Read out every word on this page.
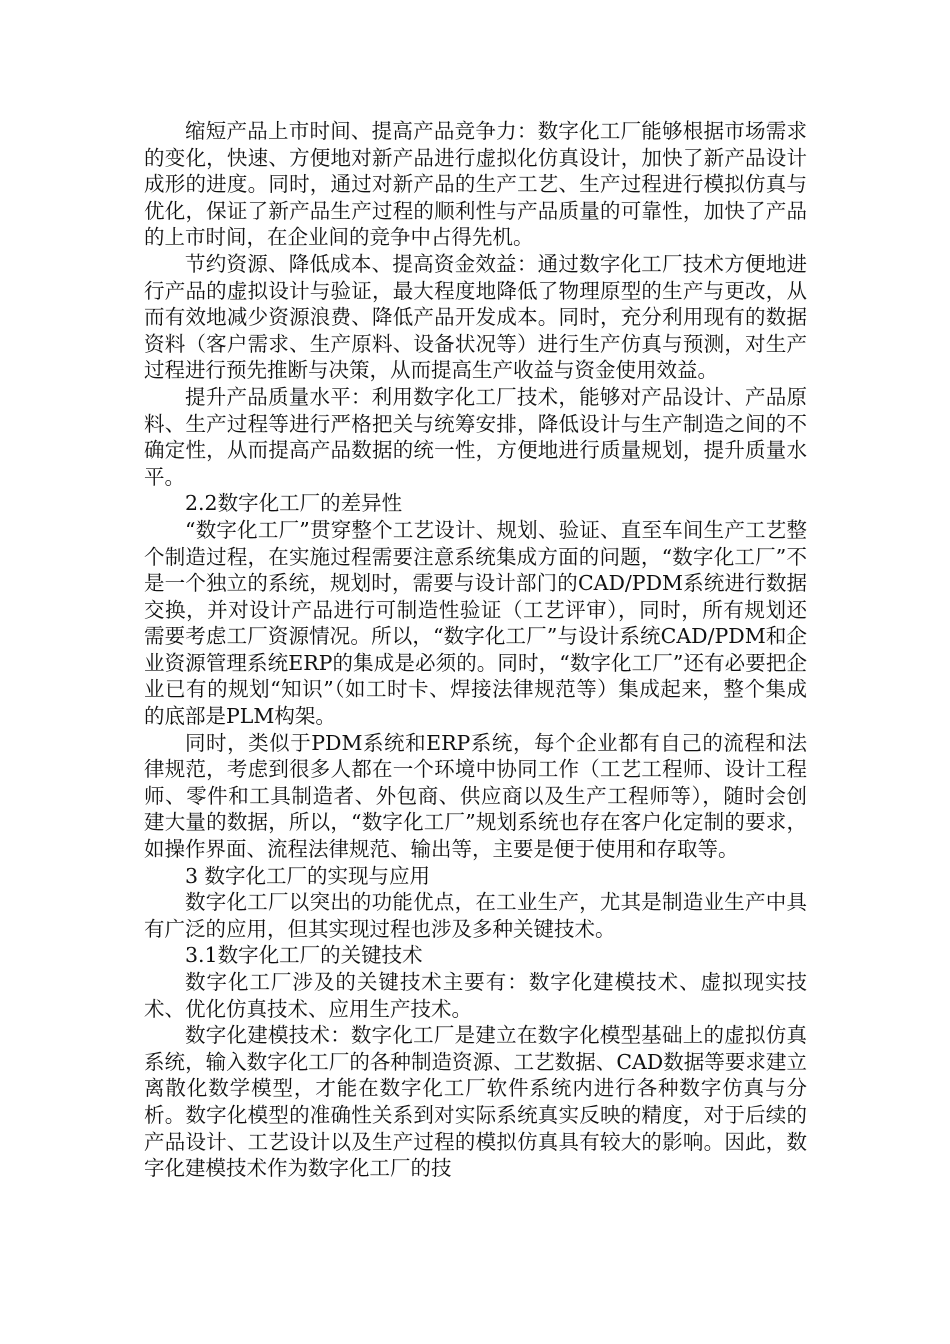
缩短产品上市时间、提高产品竞争力：数字化工厂能够根据市场需求的变化，快速、方便地对新产品进行虚拟化仿真设计，加快了新产品设计成形的进度。同时，通过对新产品的生产工艺、生产过程进行模拟仿真与优化，保证了新产品生产过程的顺利性与产品质量的可靠性，加快了产品的上市时间，在企业间的竞争中占得先机。

节约资源、降低成本、提高资金效益：通过数字化工厂技术方便地进行产品的虚拟设计与验证，最大程度地降低了物理原型的生产与更改，从而有效地减少资源浪费、降低产品开发成本。同时，充分利用现有的数据资料（客户需求、生产原料、设备状况等）进行生产仿真与预测，对生产过程进行预先推断与决策，从而提高生产收益与资金使用效益。

提升产品质量水平：利用数字化工厂技术，能够对产品设计、产品原料、生产过程等进行严格把关与统筹安排，降低设计与生产制造之间的不确定性，从而提高产品数据的统一性，方便地进行质量规划，提升质量水平。

2.2数字化工厂的差异性

“数字化工厂”贯穿整个工艺设计、规划、验证、直至车间生产工艺整个制造过程，在实施过程需要注意系统集成方面的问题，“数字化工厂”不是一个独立的系统，规划时，需要与设计部门的CAD/PDM系统进行数据交换，并对设计产品进行可制造性验证（工艺评审），同时，所有规划还需要考虑工厂资源情况。所以，“数字化工厂”与设计系统CAD/PDM和企业资源管理系统ERP的集成是必须的。同时，“数字化工厂”还有必要把企业已有的规划“知识”（如工时卡、焊接法律规范等）集成起来，整个集成的底部是PLM构架。

同时，类似于PDM系统和ERP系统，每个企业都有自己的流程和法律规范，考虑到很多人都在一个环境中协同工作（工艺工程师、设计工程师、零件和工具制造者、外包商、供应商以及生产工程师等），随时会创建大量的数据，所以，“数字化工厂”规划系统也存在客户化定制的要求，如操作界面、流程法律规范、输出等，主要是便于使用和存取等。

3 数字化工厂的实现与应用

数字化工厂以突出的功能优点，在工业生产，尤其是制造业生产中具有广泛的应用，但其实现过程也涉及多种关键技术。

3.1数字化工厂的关键技术

数字化工厂涉及的关键技术主要有：数字化建模技术、虚拟现实技术、优化仿真技术、应用生产技术。

数字化建模技术：数字化工厂是建立在数字化模型基础上的虚拟仿真系统，输入数字化工厂的各种制造资源、工艺数据、CAD数据等要求建立离散化数学模型，才能在数字化工厂软件系统内进行各种数字仿真与分析。数字化模型的准确性关系到对实际系统真实反映的精度，对于后续的产品设计、工艺设计以及生产过程的模拟仿真具有较大的影响。因此，数字化建模技术作为数字化工厂的技
